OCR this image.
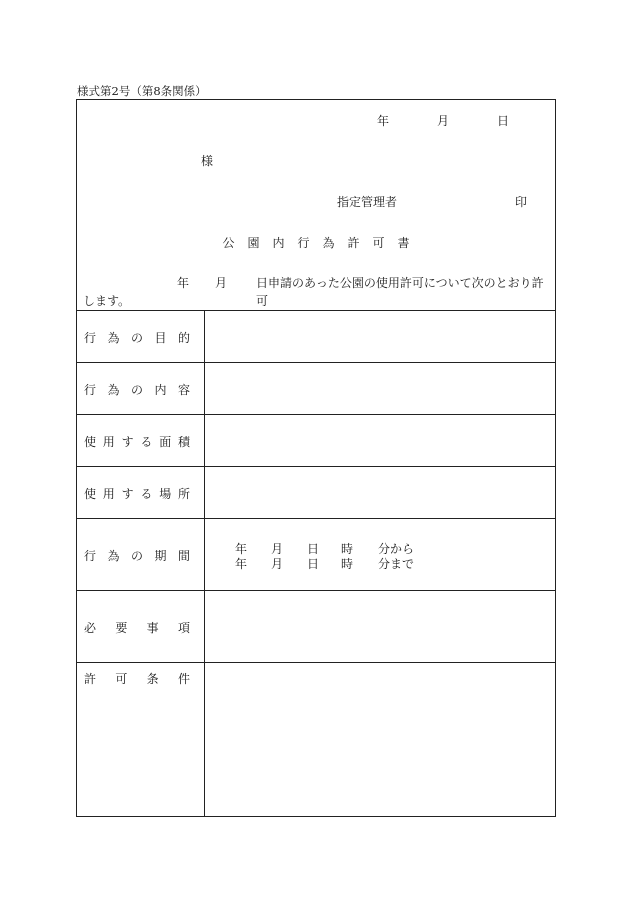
様式第2号（第8条関係）
年	月	日
様
指定管理者	印
公園内行為許可書
年 月 日申請のあった公園の使用許可について次のとおり許可
します。
行 為 の 目 的
行 為 の 内 容
使 用 す る 面 積
使 用 す る 場 所
行 為 の 期 間	年 月 日 時 分から
年 月 日 時 分まで
必 要 事 項
許 可 条 件
